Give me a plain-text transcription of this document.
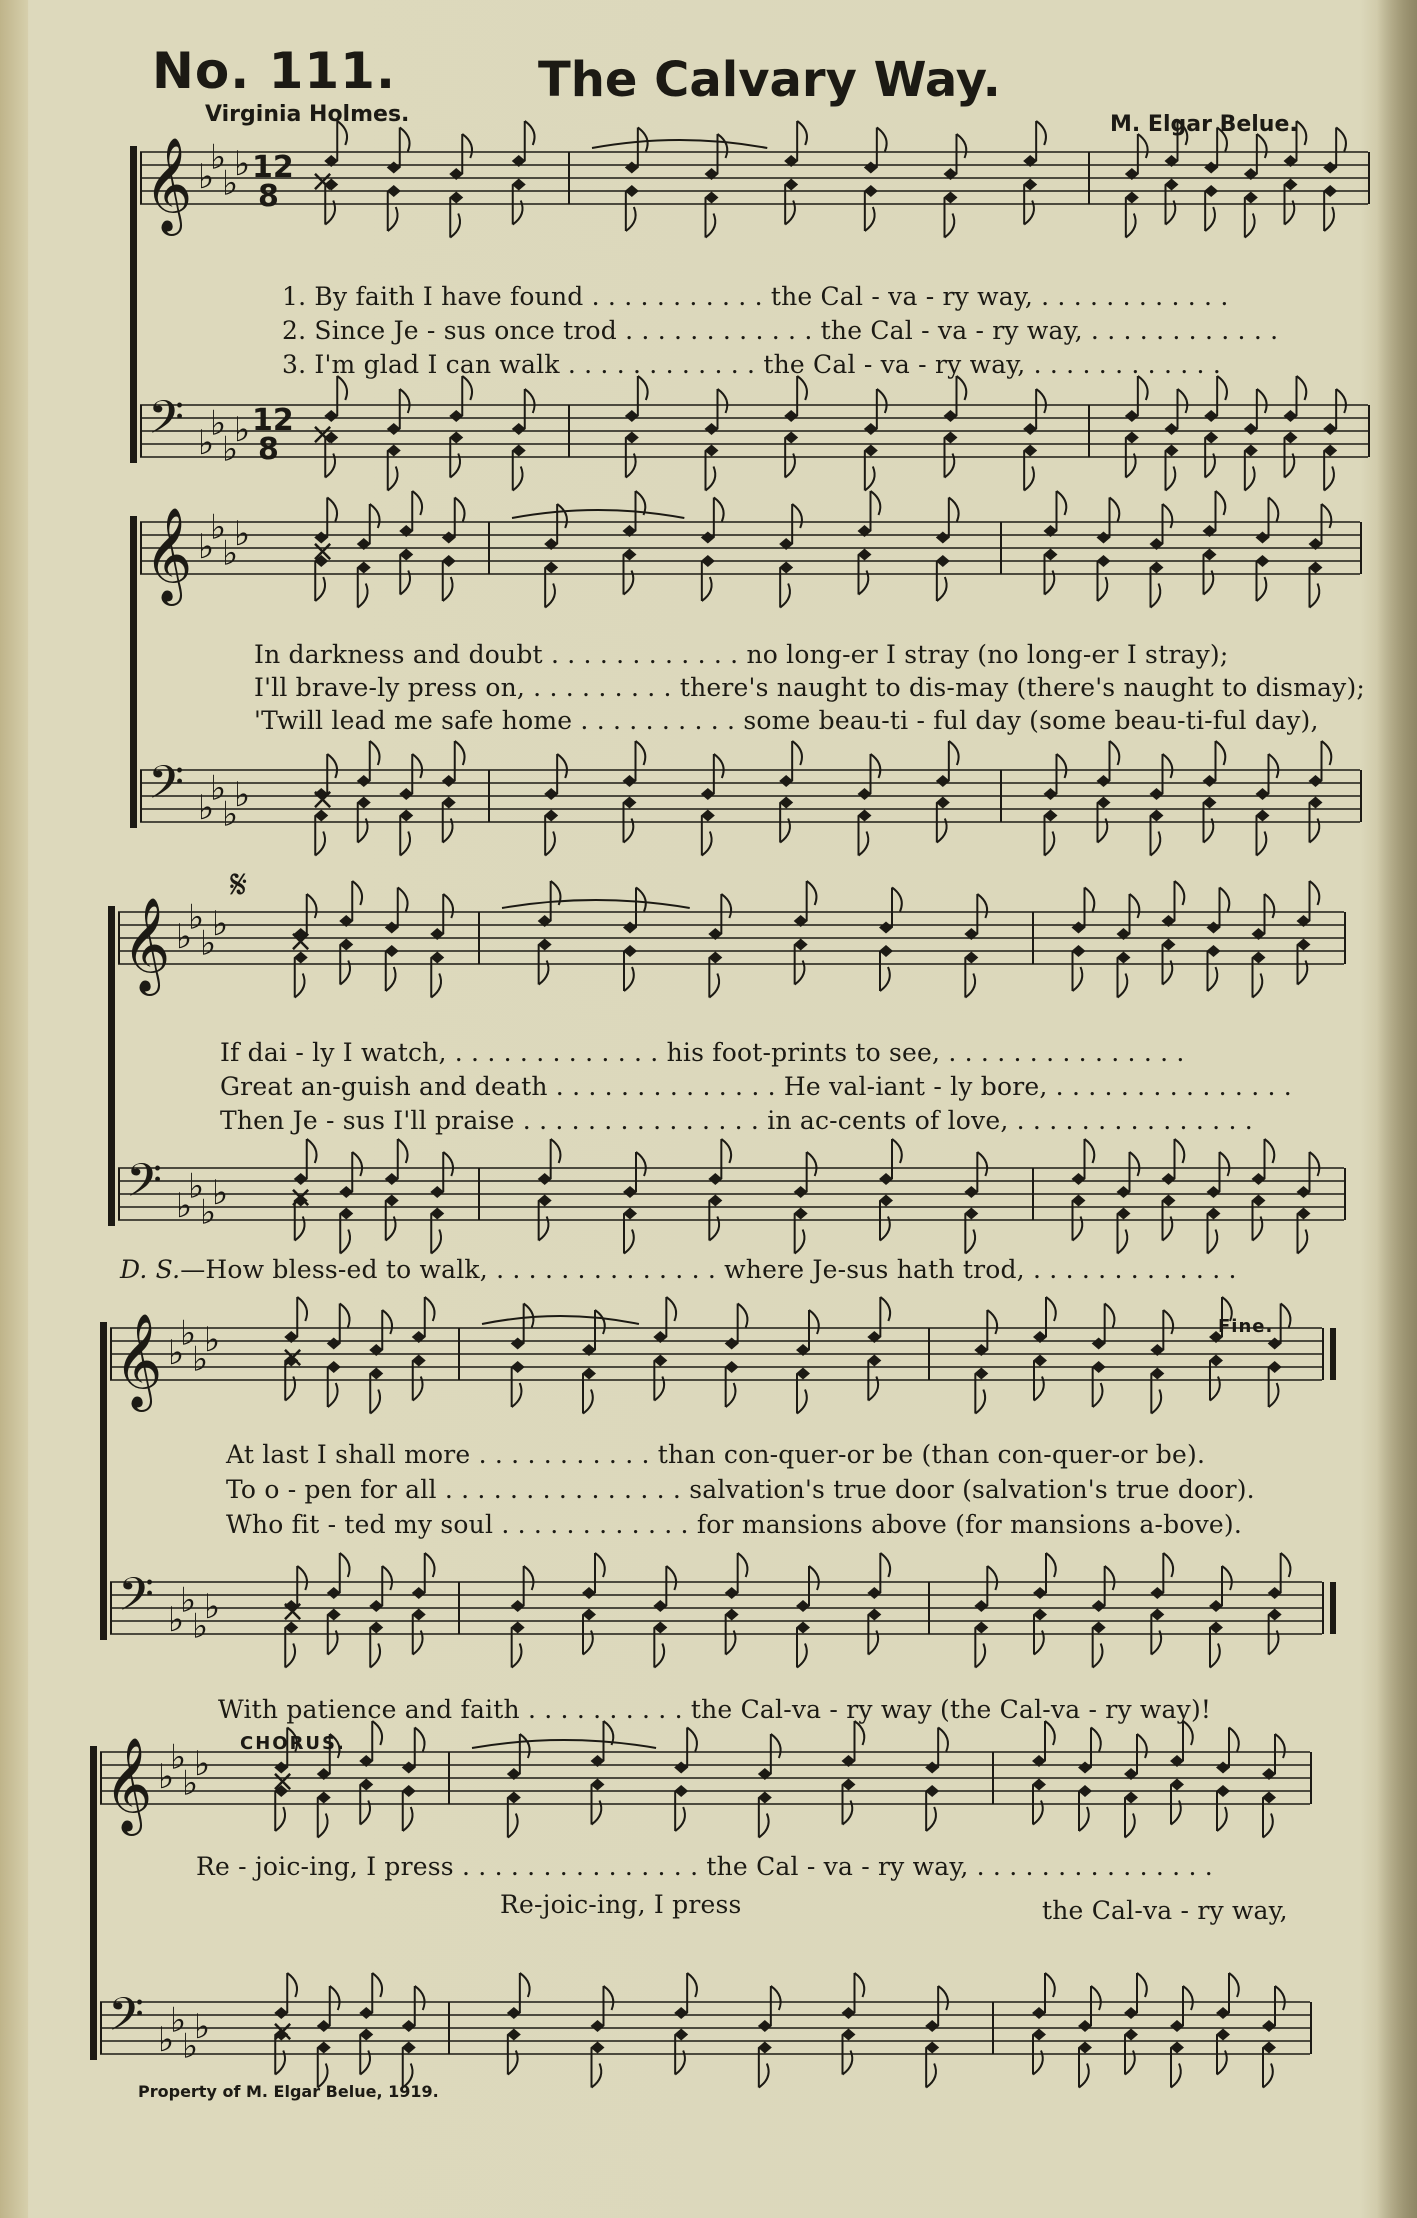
No. 111.	The Calvary Way.
Virginia Holmes.	M. Elgar Belue.
𝄞
𝄢
♭
♭
♭
♭
♭
♭
♭
♭
12
8
12
8
×
×
𝄞
𝄢
♭
♭
♭
♭
♭
♭
♭
♭
×
×
𝄞
𝄢
♭
♭
♭
♭
♭
♭
♭
♭
𝄋
×
×
𝄞
𝄢
♭
♭
♭
♭
♭
♭
♭
♭
×
×
𝄞
𝄢
♭
♭
♭
♭
♭
♭
♭
♭
×
×
1. By faith I have found . . . . . . . . . . . the Cal - va - ry way, . . . . . . . . . . . .
2. Since Je - sus once trod . . . . . . . . . . . . the Cal - va - ry way, . . . . . . . . . . . .
3. I'm glad I can walk . . . . . . . . . . . . the Cal - va - ry way, . . . . . . . . . . . .
In darkness and doubt . . . . . . . . . . . . no long-er I stray (no long-er I stray);
I'll brave-ly press on, . . . . . . . . . there's naught to dis-may (there's naught to dismay);
'Twill lead me safe home . . . . . . . . . . some beau-ti - ful day (some beau-ti-ful day),
If dai - ly I watch, . . . . . . . . . . . . . his foot-prints to see, . . . . . . . . . . . . . . .
Great an-guish and death . . . . . . . . . . . . . . He val-iant - ly bore, . . . . . . . . . . . . . . .
Then Je - sus I'll praise . . . . . . . . . . . . . . . in ac-cents of love, . . . . . . . . . . . . . . .
D. S.—How bless-ed to walk, . . . . . . . . . . . . . . where Je-sus hath trod, . . . . . . . . . . . . .
Fine.
At last I shall more . . . . . . . . . . . than con-quer-or be (than con-quer-or be).
To o - pen for all . . . . . . . . . . . . . . . salvation's true door (salvation's true door).
Who fit - ted my soul . . . . . . . . . . . . for mansions above (for mansions a-bove).
With patience and faith . . . . . . . . . . the Cal-va - ry way (the Cal-va - ry way)!
CHORUS.
Re - joic-ing, I press . . . . . . . . . . . . . . . the Cal - va - ry way, . . . . . . . . . . . . . . .
Re-joic-ing, I press	the Cal-va - ry way,
Property of M. Elgar Belue, 1919.
